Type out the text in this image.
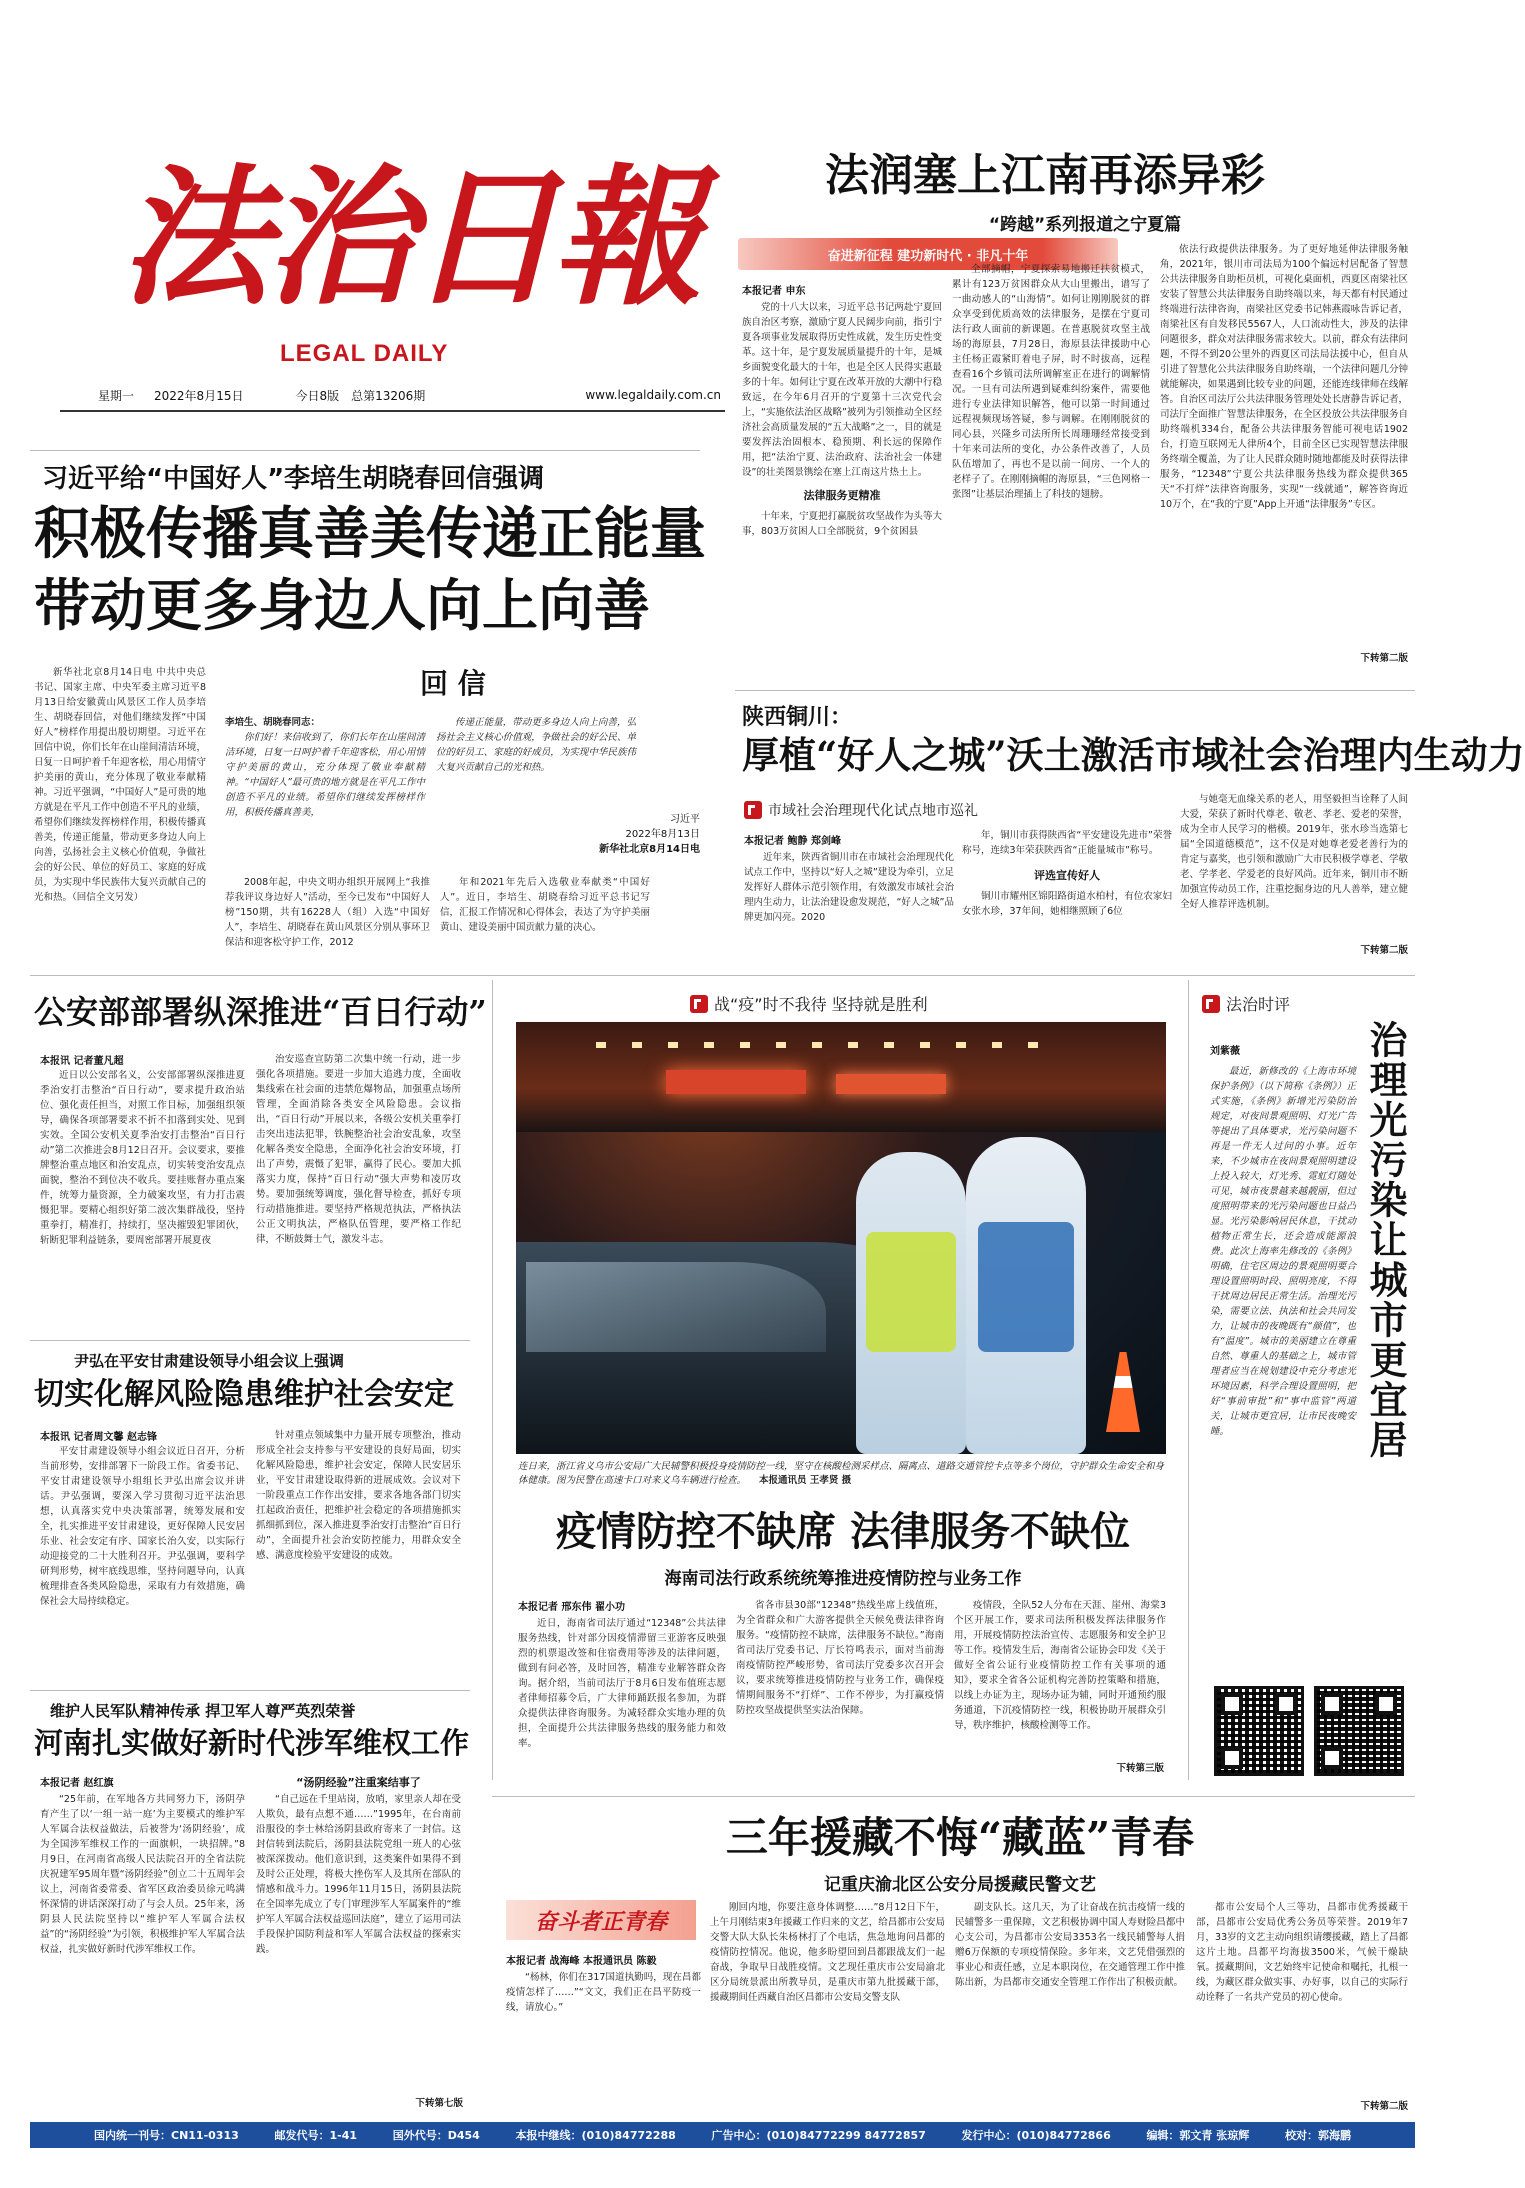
法治日報
LEGAL DAILY
星期一 2022年8月15日	今日8版 总第13206期	www.legaldaily.com.cn
法润塞上江南再添异彩
“跨越”系列报道之宁夏篇
奋进新征程 建功新时代 · 非凡十年
本报记者 申东

党的十八大以来，习近平总书记两赴宁夏回族自治区考察，激励宁夏人民阔步向前，指引宁夏各项事业发展取得历史性成就，发生历史性变革。这十年，是宁夏发展质量提升的十年，是城乡面貌变化最大的十年，也是全区人民得实惠最多的十年。如何让宁夏在改革开放的大潮中行稳致远，在今年6月召开的宁夏第十三次党代会上，“实施依法治区战略”被列为引领推动全区经济社会高质量发展的“五大战略”之一，目的就是要发挥法治固根本、稳预期、利长远的保障作用，把“法治宁夏、法治政府、法治社会一体建设”的壮美图景镌绘在塞上江南这片热土上。

法律服务更精准

十年来，宁夏把打赢脱贫攻坚战作为头等大事，803万贫困人口全部脱贫，9个贫困县

全部摘帽，宁夏探索易地搬迁扶贫模式，累计有123万贫困群众从大山里搬出，谱写了一曲动感人的“山海情”。如何让刚刚脱贫的群众享受到优质高效的法律服务，是摆在宁夏司法行政人面前的新课题。在普惠脱贫攻坚主战场的海原县，7月28日，海原县法律援助中心主任杨正霞紧盯着电子屏，时不时拔高，远程查看16个乡镇司法所调解室正在进行的调解情况。一旦有司法所遇到疑难纠纷案件，需要他进行专业法律知识解答，他可以第一时间通过远程视频现场答疑，参与调解。在刚刚脱贫的同心县，兴隆乡司法所所长周珊珊经常接受到十年来司法所的变化，办公条件改善了，人员队伍增加了，再也不是以前一间房、一个人的老样子了。在刚刚摘帽的海原县，“三色网格一张图”让基层治理插上了科技的翅膀。

依法行政提供法律服务。为了更好地延伸法律服务触角，2021年，银川市司法局为100个偏远村居配备了智慧公共法律服务自助柜员机，可视化桌面机，西夏区南梁社区安装了智慧公共法律服务自助终端以来，每天都有村民通过终端进行法律咨询，南梁社区党委书记韩燕霞咏告诉记者，南梁社区有自发移民5567人，人口流动性大，涉及的法律问题很多，群众对法律服务需求较大。以前，群众有法律问题，不得不到20公里外的西夏区司法局法援中心，但自从引进了智慧化公共法律服务自助终端，一个法律问题几分钟就能解决，如果遇到比较专业的问题，还能连线律师在线解答。自治区司法厅公共法律服务管理处处长唐静告诉记者，司法厅全面推广智慧法律服务，在全区投放公共法律服务自助终端机334台，配备公共法律服务智能可视电话1902台，打造互联网无人律所4个，目前全区已实现智慧法律服务终端全覆盖，为了让人民群众随时随地都能及时获得法律服务，“12348”宁夏公共法律服务热线为群众提供365天“不打烊”法律咨询服务，实现“一线就通”，解答咨询近10万个，在“我的宁夏”App上开通“法律服务”专区。

下转第二版
习近平给“中国好人”李培生胡晓春回信强调
积极传播真善美传递正能量
带动更多身边人向上向善
回 信

新华社北京8月14日电 中共中央总书记、国家主席、中央军委主席习近平8月13日给安徽黄山风景区工作人员李培生、胡晓春回信，对他们继续发挥“中国好人”榜样作用提出殷切期望。习近平在回信中说，你们长年在山崖间清洁环境，日复一日呵护着千年迎客松，用心用情守护美丽的黄山，充分体现了敬业奉献精神。习近平强调，“中国好人”是可贵的地方就是在平凡工作中创造不平凡的业绩，希望你们继续发挥榜样作用，积极传播真善美，传递正能量，带动更多身边人向上向善，弘扬社会主义核心价值观，争做社会的好公民、单位的好员工、家庭的好成员，为实现中华民族伟大复兴贡献自己的光和热。（回信全文另发）

李培生、胡晓春同志：

你们好！来信收到了，你们长年在山崖间清洁环境，日复一日呵护着千年迎客松，用心用情守护美丽的黄山，充分体现了敬业奉献精神。“中国好人”最可贵的地方就是在平凡工作中创造不平凡的业绩。希望你们继续发挥榜样作用，积极传播真善美，

传递正能量，带动更多身边人向上向善，弘扬社会主义核心价值观，争做社会的好公民、单位的好员工、家庭的好成员，为实现中华民族伟大复兴贡献自己的光和热。

习近平
2022年8月13日
新华社北京8月14日电

2008年起，中央文明办组织开展网上“我推荐我评议身边好人”活动，至今已发布“中国好人榜”150期，共有16228人（组）入选“中国好人”，李培生、胡晓春在黄山风景区分别从事环卫保洁和迎客松守护工作，2012

年和2021年先后入选敬业奉献类“中国好人”。近日，李培生、胡晓春给习近平总书记写信，汇报工作情况和心得体会，表达了为守护美丽黄山、建设美丽中国贡献力量的决心。

陕西铜川：
厚植“好人之城”沃土激活市域社会治理内生动力
市域社会治理现代化试点地市巡礼
本报记者 鲍静 郑剑峰

近年来，陕西省铜川市在市域社会治理现代化试点工作中，坚持以“好人之城”建设为牵引，立足发挥好人群体示范引领作用，有效激发市域社会治理内生动力，让法治建设愈发规范，“好人之城”品牌更加闪亮。2020

年，铜川市获得陕西省“平安建设先进市”荣誉称号，连续3年荣获陕西省“正能量城市”称号。

评选宣传好人

铜川市耀州区锦阳路街道水柏村，有位农家妇女张水珍，37年间，她相继照顾了6位

与她毫无血缘关系的老人，用坚毅担当诠释了人间大爱，荣获了新时代尊老、敬老、孝老、爱老的荣誉，成为全市人民学习的楷模。2019年，张水珍当选第七届“全国道德模范”，这不仅是对她尊老爱老善行为的肯定与嘉奖，也引领和激励广大市民积极学尊老、学敬老、学孝老、学爱老的良好风尚。近年来，铜川市不断加强宣传动员工作，注重挖掘身边的凡人善举，建立健全好人推荐评选机制。

下转第二版
公安部部署纵深推进“百日行动”
本报讯 记者董凡超

近日以公安部名义，公安部部署纵深推进夏季治安打击整治“百日行动”，要求提升政治站位、强化责任担当，对照工作目标，加强组织领导，确保各项部署要求不折不扣落到实处、见到实效。全国公安机关夏季治安打击整治“百日行动”第二次推进会8月12日召开。会议要求，要推牌整治重点地区和治安乱点，切实转变治安乱点面貌，整治不到位决不收兵。要挂账督办重点案件，统筹力量资源，全力破案攻坚，有力打击震慑犯罪。要精心组织好第二波次集群战役，坚持重拳打，精准打，持续打，坚决摧毁犯罪团伙，斩断犯罪利益链条，要周密部署开展夏夜

治安巡查宣防第二次集中统一行动，进一步强化各项措施。要进一步加大追逃力度，全面收集线索在社会面的违禁危爆物品，加强重点场所管理，全面消除各类安全风险隐患。会议指出，“百日行动”开展以来，各级公安机关重拳打击突出违法犯罪，铁腕整治社会治安乱象，攻坚化解各类安全隐患，全面净化社会治安环境，打出了声势，震慑了犯罪，赢得了民心。要加大抓落实力度，保持“百日行动”强大声势和凌厉攻势。要加强统筹调度，强化督导检查，抓好专项行动措施推进。要坚持严格规范执法，严格执法公正文明执法，严格队伍管理，要严格工作纪律，不断鼓舞士气，激发斗志。

尹弘在平安甘肃建设领导小组会议上强调
切实化解风险隐患维护社会安定
本报讯 记者周文馨 赵志锋

平安甘肃建设领导小组会议近日召开，分析当前形势，安排部署下一阶段工作。省委书记、平安甘肃建设领导小组组长尹弘出席会议并讲话。尹弘强调，要深入学习贯彻习近平法治思想，认真落实党中央决策部署，统筹发展和安全，扎实推进平安甘肃建设，更好保障人民安居乐业、社会安定有序、国家长治久安，以实际行动迎接党的二十大胜利召开。尹弘强调，要科学研判形势，树牢底线思维，坚持问题导向，认真梳理排查各类风险隐患，采取有力有效措施，确保社会大局持续稳定。

针对重点领域集中力量开展专项整治，推动形成全社会支持参与平安建设的良好局面，切实化解风险隐患，维护社会安定，保障人民安居乐业，平安甘肃建设取得新的进展成效。会议对下一阶段重点工作作出安排，要求各地各部门切实扛起政治责任，把维护社会稳定的各项措施抓实抓细抓到位，深入推进夏季治安打击整治“百日行动”，全面提升社会治安防控能力，用群众安全感、满意度检验平安建设的成效。

维护人民军队精神传承 捍卫军人尊严英烈荣誉
河南扎实做好新时代涉军维权工作
本报记者 赵红旗

“25年前，在军地各方共同努力下，汤阴孕育产生了以‘一组一站一庭’为主要模式的维护军人军属合法权益做法，后被誉为‘汤阴经验’，成为全国涉军维权工作的一面旗帜，一块招牌。”8月9日，在河南省高级人民法院召开的全省法院庆祝建军95周年暨“汤阴经验”创立二十五周年会议上，河南省委常委、省军区政治委员徐元鸣满怀深情的讲话深深打动了与会人员。25年来，汤阴县人民法院坚持以“维护军人军属合法权益”的“汤阴经验”为引领，积极维护军人军属合法权益，扎实做好新时代涉军维权工作。

“汤阴经验”注重案结事了

“自己远在千里站岗，放哨，家里亲人却在受人欺负，最有点想不通……”1995年，在台南前沿服役的李士林给汤阴县政府寄来了一封信。这封信转到法院后，汤阴县法院党组一班人的心弦被深深拨动。他们意识到，这类案件如果得不到及时公正处理，将极大挫伤军人及其所在部队的情感和战斗力。1996年11月15日，汤阴县法院在全国率先成立了专门审理涉军人军属案件的“维护军人军属合法权益巡回法庭”，建立了运用司法手段保护国防利益和军人军属合法权益的探索实践。

下转第七版
战“疫”时不我待 坚持就是胜利
连日来，浙江省义乌市公安局广大民辅警积极投身疫情防控一线，坚守在核酸检测采样点、隔离点、道路交通管控卡点等多个岗位，守护群众生命安全和身体健康。图为民警在高速卡口对来义乌车辆进行检查。 本报通讯员 王孝贤 摄
疫情防控不缺席 法律服务不缺位
海南司法行政系统统筹推进疫情防控与业务工作
本报记者 邢东伟 翟小功

近日，海南省司法厅通过“12348”公共法律服务热线，针对部分因疫情滞留三亚游客反映强烈的机票退改签和住宿费用等涉及的法律问题，做到有问必答，及时回答，精准专业解答群众咨询。据介绍，当前司法厅于8月6日发布值班志愿者律师招募令后，广大律师踊跃报名参加，为群众提供法律咨询服务。为减轻群众实地办理的负担，全面提升公共法律服务热线的服务能力和效率。

省各市县30部“12348”热线坐席上线值班，为全省群众和广大游客提供全天候免费法律咨询服务。“疫情防控不缺席，法律服务不缺位。”海南省司法厅党委书记、厅长符鸣表示，面对当前海南疫情防控严峻形势，省司法厅党委多次召开会议，要求统筹推进疫情防控与业务工作，确保疫情期间服务不“打烊”、工作不停步，为打赢疫情防控攻坚战提供坚实法治保障。

疫情段，全队52人分布在天涯、崖州、海棠3个区开展工作，要求司法所积极发挥法律服务作用，开展疫情防控法治宣传、志愿服务和安全护卫等工作。疫情发生后，海南省公证协会印发《关于做好全省公证行业疫情防控工作有关事项的通知》，要求全省各公证机构完善防控策略和措施，以线上办证为主，现场办证为辅，同时开通预约服务通道，下沉疫情防控一线，积极协助开展群众引导，秩序维护，核酸检测等工作。

下转第三版
法治时评
刘紫薇	治理光污染让城市更宜居

最近，新修改的《上海市环境保护条例》（以下简称《条例》）正式实施，《条例》新增光污染防治规定，对夜间景观照明、灯光广告等提出了具体要求，光污染问题不再是一件无人过问的小事。近年来，不少城市在夜间景观照明建设上投入较大，灯光秀、霓虹灯随处可见，城市夜景越来越靓丽，但过度照明带来的光污染问题也日益凸显。光污染影响居民休息，干扰动植物正常生长，还会造成能源浪费。此次上海率先修改的《条例》明确，住宅区周边的景观照明要合理设置照明时段、照明亮度，不得干扰周边居民正常生活。治理光污染，需要立法、执法和社会共同发力，让城市的夜晚既有“颜值”，也有“温度”。城市的美丽建立在尊重自然、尊重人的基础之上，城市管理者应当在规划建设中充分考虑光环境因素，科学合理设置照明，把好“事前审批”和“事中监管”两道关，让城市更宜居，让市民夜晚安睡。

三年援藏不悔“藏蓝”青春
记重庆渝北区公安分局援藏民警文艺
奋斗者正青春
本报记者 战海峰 本报通讯员 陈毅

“杨林，你们在317国道执勤吗，现在昌都疫情怎样了……”“文文，我们正在昌平防疫一线，请放心。”

刚回内地，你要注意身体调整……”8月12日下午，上午月刚结束3年援藏工作归来的文艺，给昌都市公安局交警大队大队长朱杨林打了个电话，焦急地询问昌都的疫情防控情况。他说，他多盼望回到昌都跟战友们一起奋战，争取早日战胜疫情。文艺现任重庆市公安局渝北区分局统景派出所教导员，是重庆市第九批援藏干部，援藏期间任西藏自治区昌都市公安局交警支队

副支队长。这几天，为了让奋战在抗击疫情一线的民辅警多一重保障，文艺积极协调中国人寿财险昌都中心支公司，为昌都市公安局3353名一线民辅警每人捐赠6万保额的专项疫情保险。多年来，文艺凭借强烈的事业心和责任感，立足本职岗位，在交通管理工作中推陈出新，为昌都市交通安全管理工作作出了积极贡献。

都市公安局个人三等功，昌都市优秀援藏干部，昌都市公安局优秀公务员等荣誉。2019年7月，33岁的文艺主动向组织请缨援藏，踏上了昌都这片土地。昌都平均海拔3500米，气候干燥缺氧。援藏期间，文艺始终牢记使命和嘱托，扎根一线，为藏区群众做实事、办好事，以自己的实际行动诠释了一名共产党员的初心使命。

下转第二版
国内统一刊号：CN11-0313	邮发代号：1-41	国外代号：D454	本报中继线：(010)84772288	广告中心：(010)84772299 84772857	发行中心：(010)84772866	编辑：郭文青 张琼辉	校对：郭海鹏
